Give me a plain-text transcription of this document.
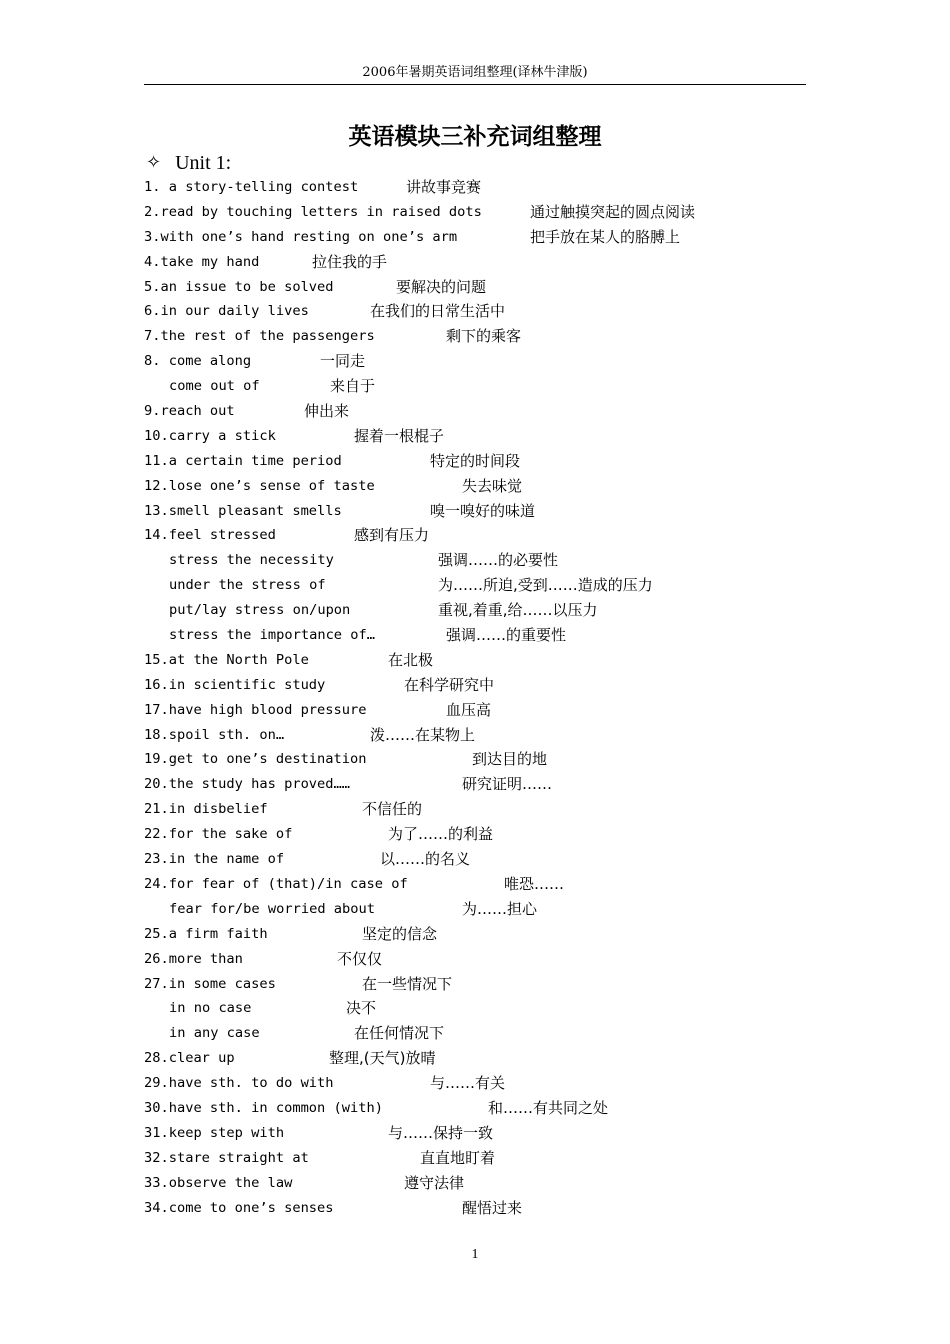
2006年暑期英语词组整理(译林牛津版)
英语模块三补充词组整理
✧ Unit 1:
1. a story-telling contest	讲故事竞赛
2.read by touching letters in raised dots	通过触摸突起的圆点阅读
3.with one’s hand resting on one’s arm	把手放在某人的胳膊上
4.take my hand	拉住我的手
5.an issue to be solved	要解决的问题
6.in our daily lives	在我们的日常生活中
7.the rest of the passengers	剩下的乘客
8. come along	一同走
come out of	来自于
9.reach out	伸出来
10.carry a stick	握着一根棍子
11.a certain time period	特定的时间段
12.lose one’s sense of taste	失去味觉
13.smell pleasant smells	嗅一嗅好的味道
14.feel stressed	感到有压力
stress the necessity	强调……的必要性
under the stress of	为……所迫,受到……造成的压力
put/lay stress on/upon	重视,着重,给……以压力
stress the importance of…	强调……的重要性
15.at the North Pole	在北极
16.in scientific study	在科学研究中
17.have high blood pressure	血压高
18.spoil sth. on…	泼……在某物上
19.get to one’s destination	到达目的地
20.the study has proved……	研究证明……
21.in disbelief	不信任的
22.for the sake of	为了……的利益
23.in the name of	以……的名义
24.for fear of (that)/in case of	唯恐……
fear for/be worried about	为……担心
25.a firm faith	坚定的信念
26.more than	不仅仅
27.in some cases	在一些情况下
in no case	决不
in any case	在任何情况下
28.clear up	整理,(天气)放晴
29.have sth. to do with	与……有关
30.have sth. in common (with)	和……有共同之处
31.keep step with	与……保持一致
32.stare straight at	直直地盯着
33.observe the law	遵守法律
34.come to one’s senses	醒悟过来
1
